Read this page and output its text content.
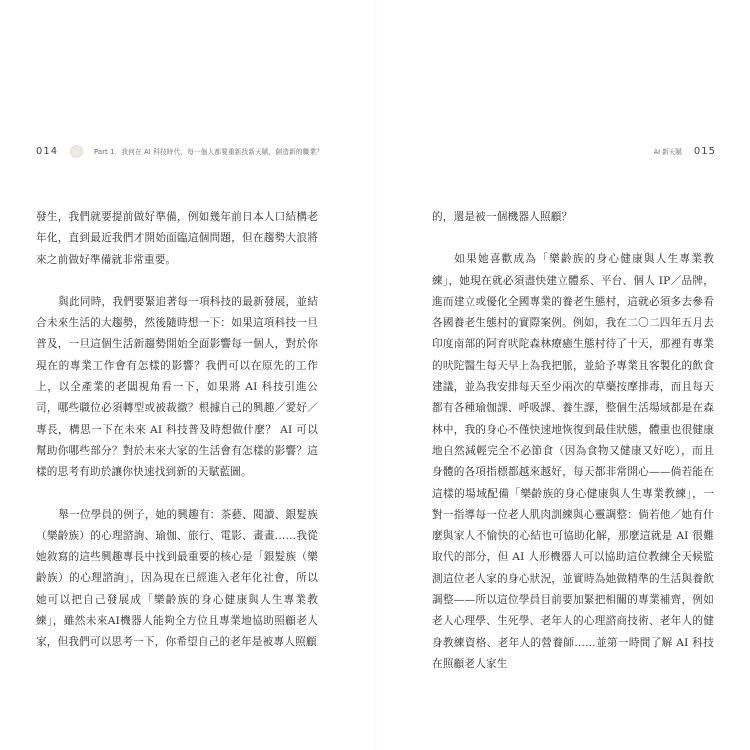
014	Part 1．我何在 AI 科技時代，每一個人都要重新找新天賦，創造新的職業？	AI 新天賦 015

發生，我們就要提前做好準備，例如幾年前日本人口結構老年化，直到最近我們才開始面臨這個問題，但在趨勢大浪將來之前做好準備就非常重要。

與此同時，我們要緊追著每一項科技的最新發展，並結合未來生活的大趨勢，然後隨時想一下：如果這項科技一旦普及，一旦這個生活新趨勢開始全面影響每一個人，對於你現在的專業工作會有怎樣的影響？我們可以在原先的工作上，以全產業的老闆視角看一下，如果將 AI 科技引進公司，哪些職位必須轉型或被裁撤？根據自己的興趣／愛好／專長，構思一下在未來 AI 科技普及時想做什麼？ AI 可以幫助你哪些部分？對於未來大家的生活會有怎樣的影響？這樣的思考有助於讓你快速找到新的天賦藍圖。

舉一位學員的例子，她的興趣有：茶藝、閱讀、銀髮族（樂齡族）的心理諮詢、瑜伽、旅行、電影、畫畫……我從她敘寫的這些興趣專長中找到最重要的核心是「銀髮族（樂齡族）的心理諮詢」，因為現在已經進入老年化社會，所以她可以把自己發展成「樂齡族的身心健康與人生專業教練」，雖然未來AI機器人能夠全方位且專業地協助照顧老人家，但我們可以思考一下，你希望自己的老年是被專人照顧

的，還是被一個機器人照顧？

如果她喜歡成為「樂齡族的身心健康與人生專業教練」，她現在就必須盡快建立體系、平台、個人 IP／品牌，進而建立或優化全國專業的養老生態村，這就必須多去參看各國養老生態村的實際案例。例如，我在二〇二四年五月去印度南部的阿育吠陀森林療癒生態村待了十天，那裡有專業的吠陀醫生每天早上為我把脈，並給予專業且客製化的飲食建議，並為我安排每天至少兩次的草藥按摩排毒，而且每天都有各種瑜伽課、呼吸課、養生課，整個生活場域都是在森林中，我的身心不僅快速地恢復到最佳狀態，體重也很健康地自然減輕完全不必節食（因為食物又健康又好吃），而且身體的各項指標都越來越好，每天都非常開心——倘若能在這樣的場域配備「樂齡族的身心健康與人生專業教練」，一對一指導每一位老人肌肉訓練與心靈調整：倘若他／她有什麼與家人不愉快的心結也可協助化解，那麼這就是 AI 很難取代的部分，但 AI 人形機器人可以協助這位教練全天候監測這位老人家的身心狀況，並實時為她做精準的生活與養飲調整——所以這位學員目前要加緊把相關的專業補齊，例如老人心理學、生死學、老年人的心理諮商技術、老年人的健身教練資格、老年人的營養師……並第一時間了解 AI 科技在照顧老人家生
